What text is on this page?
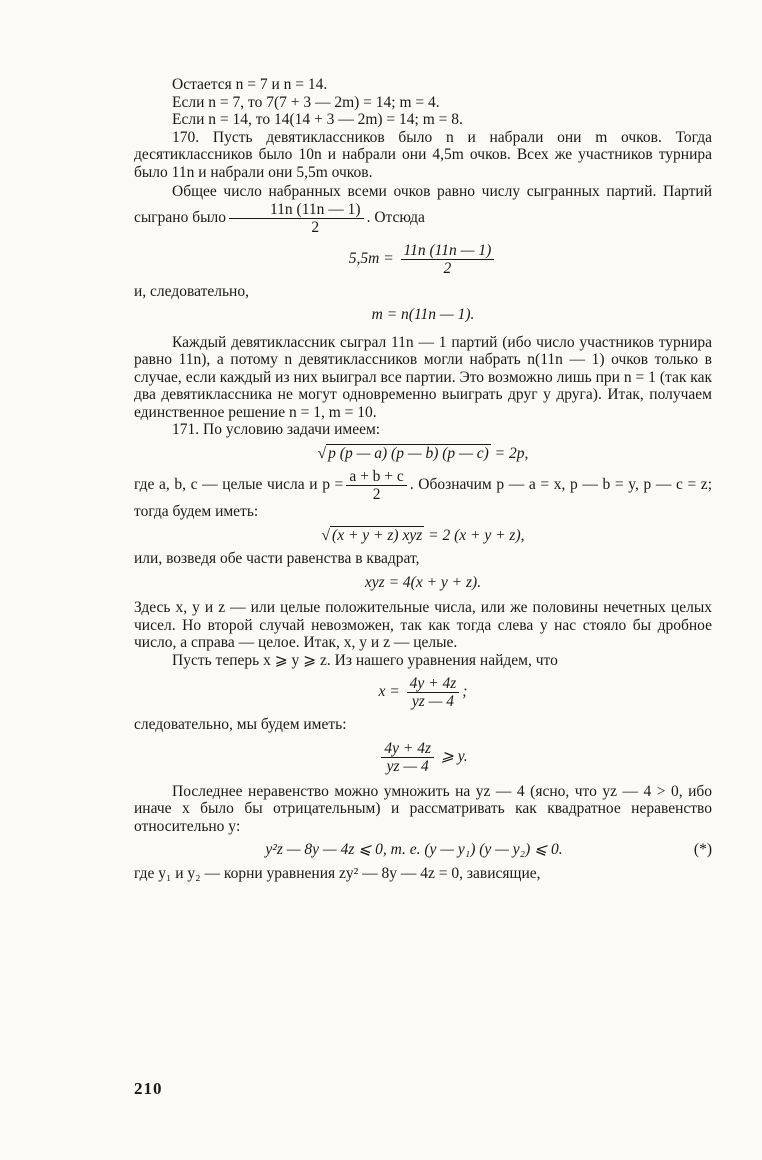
Остается n = 7 и n = 14.

Если n = 7, то 7(7 + 3 — 2m) = 14; m = 4.

Если n = 14, то 14(14 + 3 — 2m) = 14; m = 8.

170. Пусть девятиклассников было n и набрали они m очков. Тогда десятиклассников было 10n и набрали они 4,5m очков. Всех же участников турнира было 11n и набрали они 5,5m очков.

Общее число набранных всеми очков равно числу сыгранных партий. Партий сыграно было $\frac{11n (11n — 1)}{2}$ . Отсюда

$5,5m = \frac{11n (11n — 1)}{2}$

и, следовательно,

m = n(11n — 1).

Каждый девятиклассник сыграл 11n — 1 партий (ибо число участников турнира равно 11n), а потому n девятиклассников могли набрать n(11n — 1) очков только в случае, если каждый из них выиграл все партии. Это возможно лишь при n = 1 (так как два девятиклассника не могут одновременно выиграть друг у друга). Итак, получаем единственное решение n = 1, m = 10.

171. По условию задачи имеем:

√ p (p — a) (p — b) (p — c) = 2p,

где a, b, c — целые числа и $p = \frac{a + b + c}{2}$ . Обозначим p — a = x, p — b = y, p — c = z; тогда будем иметь:

√ (x + y + z) xyz = 2 (x + y + z),

или, возведя обе части равенства в квадрат,

xyz = 4(x + y + z).

Здесь x, y и z — или целые положительные числа, или же половины нечетных целых чисел. Но второй случай невозможен, так как тогда слева у нас стояло бы дробное число, а справа — целое. Итак, x, y и z — целые.

Пусть теперь x ⩾ y ⩾ z. Из нашего уравнения найдем, что

$x = \frac{4y + 4z}{yz — 4}$ ;

следовательно, мы будем иметь:

$\frac{4y + 4z}{yz — 4}$ ⩾ y.

Последнее неравенство можно умножить на yz — 4 (ясно, что yz — 4 > 0, ибо иначе x было бы отрицательным) и рассматривать как квадратное неравенство относительно y:

y²z — 8y — 4z ⩽ 0, т. е. (y — y₁) (y — y₂) ⩽ 0.	(*)

где y₁ и y₂ — корни уравнения zy² — 8y — 4z = 0, зависящие,

210
